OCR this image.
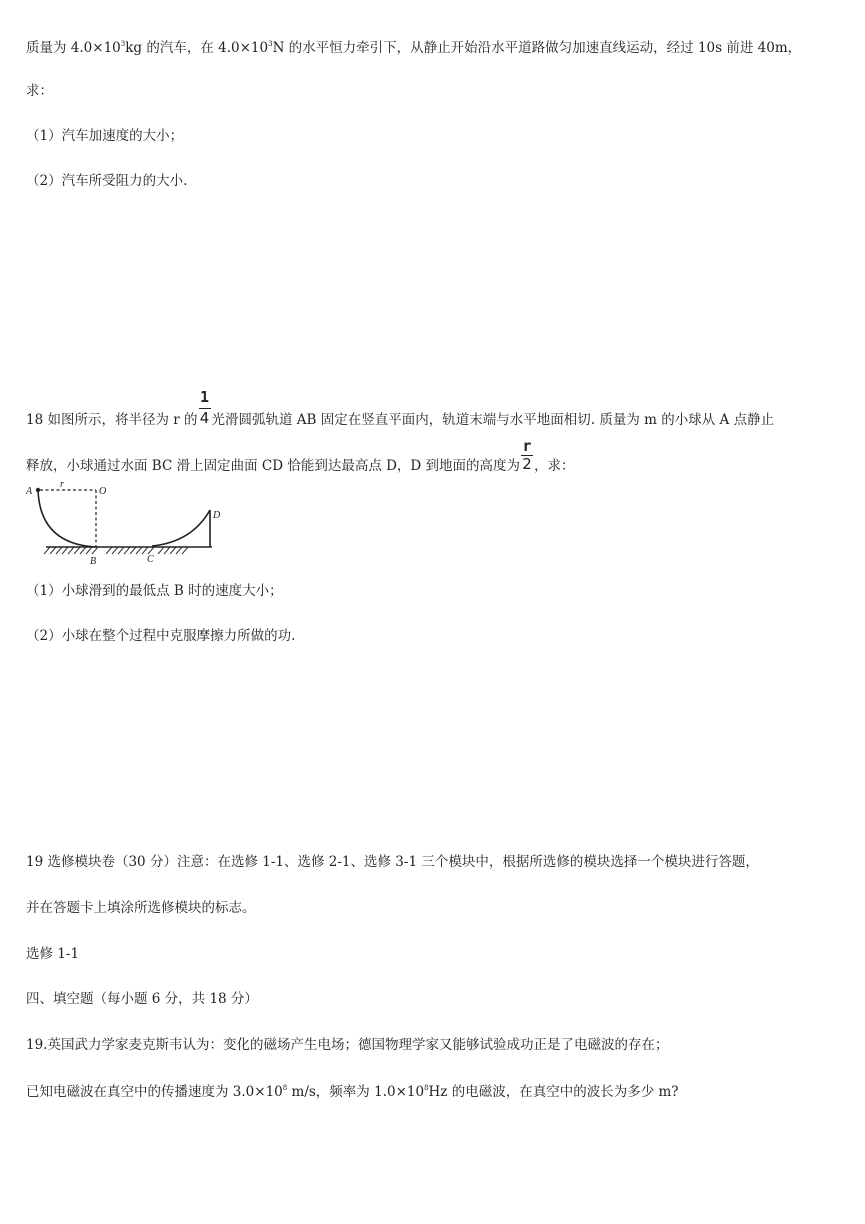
质量为 $4.0\times 10^3kg$ 的汽车，在 $4.0\times 10^3N$ 的水平恒力牵引下，从静止开始沿水平道路做匀加速直线运动，经过 10s 前进 40m，
求：
（1）汽车加速度的大小；
（2）汽车所受阻力的大小.
18 如图所示，将半径为 r 的 $\frac{1}{4}$ 光滑圆弧轨道 AB 固定在竖直平面内，轨道末端与水平地面相切. 质量为 m 的小球从 A 点静止
释放，小球通过水面 BC 滑上固定曲面 CD 恰能到达最高点 D，D 到地面的高度为 $\frac{r}{2}$ ，求：
A
r
O
B	C
D
（1）小球滑到的最低点 B 时的速度大小；
（2）小球在整个过程中克服摩擦力所做的功.
19 选修模块卷（30 分）注意：在选修 1-1、选修 2-1、选修 3-1 三个模块中，根据所选修的模块选择一个模块进行答题，
并在答题卡上填涂所选修模块的标志。
选修 1-1
四、填空题（每小题 6 分，共 18 分）
19.英国武力学家麦克斯韦认为：变化的磁场产生电场；德国物理学家又能够试验成功正是了电磁波的存在；
已知电磁波在真空中的传播速度为 $3.0\times 10^8$ m/s，频率为 $1.0\times 10^8Hz$ 的电磁波，在真空中的波长为多少 m?
